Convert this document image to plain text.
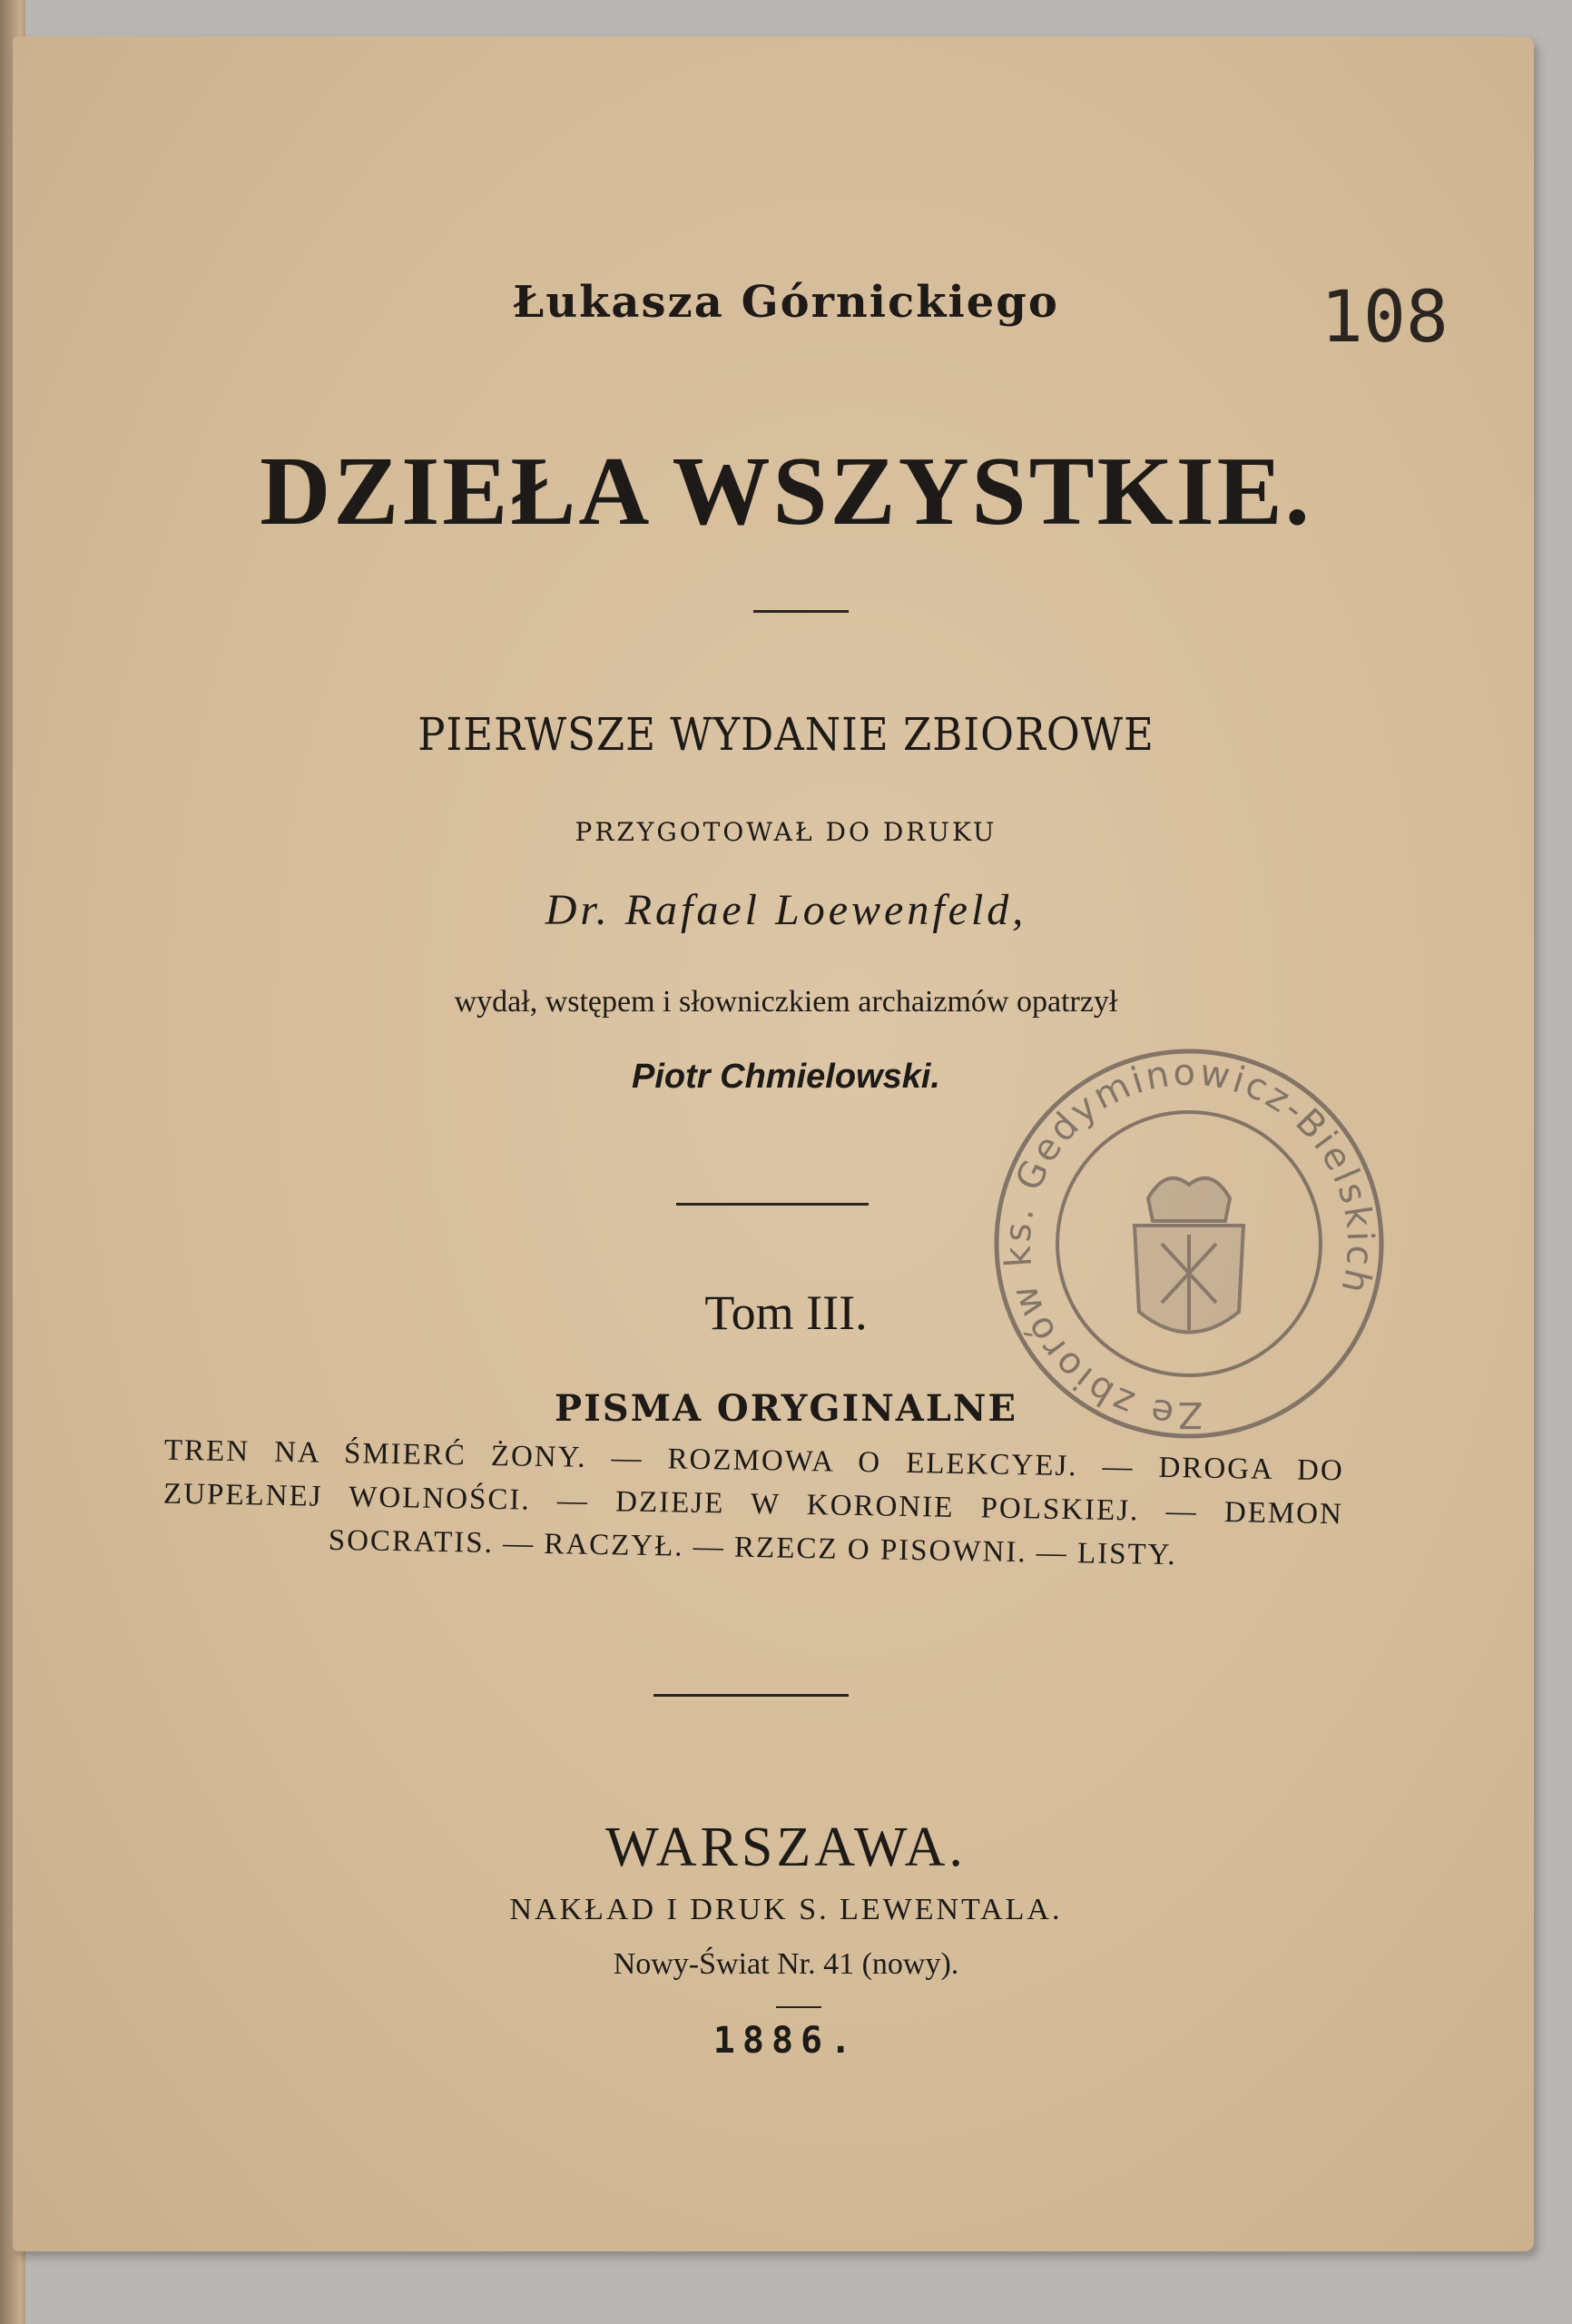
Łukasza Górnickiego	108

DZIEŁA WSZYSTKIE.

PIERWSZE WYDANIE ZBIOROWE

PRZYGOTOWAŁ DO DRUKU

Dr. Rafael Loewenfeld,

wydał, wstępem i słowniczkiem archaizmów opatrzył

Piotr Chmielowski.

Tom III.

PISMA ORYGINALNE

TREN NA ŚMIERĆ ŻONY. — ROZMOWA O ELEKCYEJ. — DROGA DO ZUPEŁNEJ WOLNOŚCI. — DZIEJE W KORONIE POLSKIEJ. — DEMON SOCRATIS. — RACZYŁ. — RZECZ O PISOWNI. — LISTY.

WARSZAWA.

NAKŁAD I DRUK S. LEWENTALA.

Nowy-Świat Nr. 41 (nowy).

1886.

Ze zbiorów ks. Gedyminowicz-Bielskich
